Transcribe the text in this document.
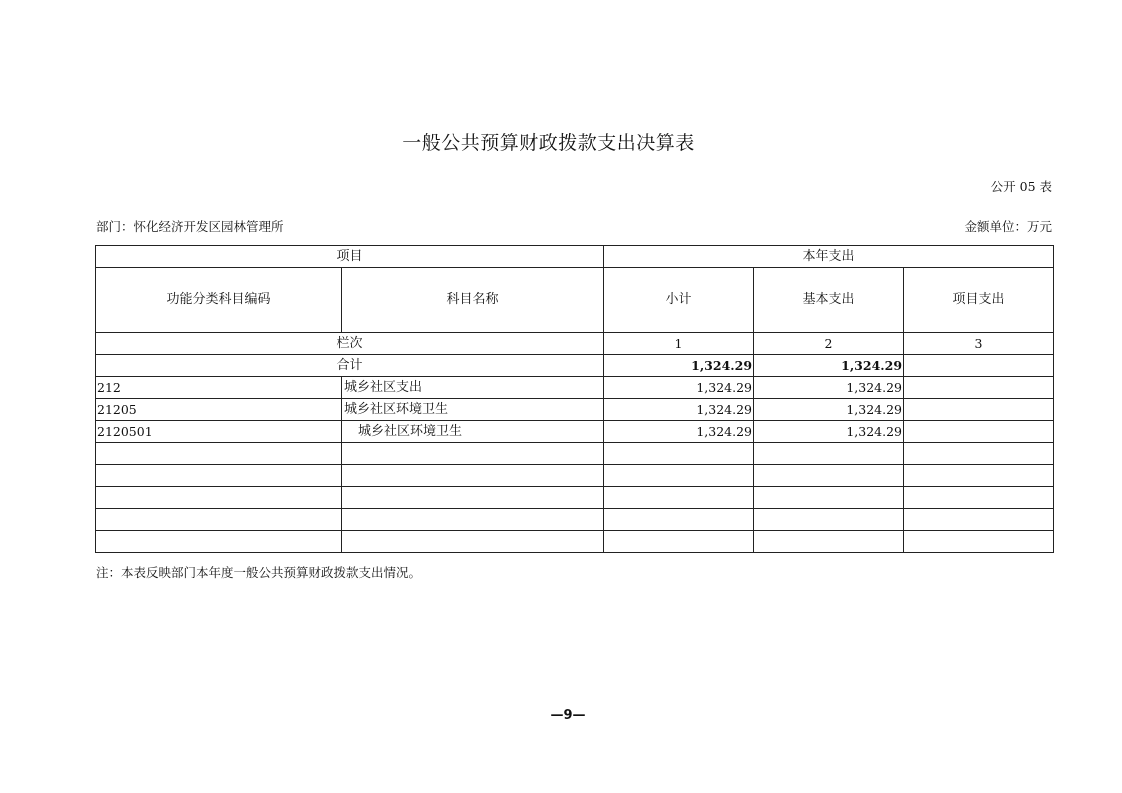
一般公共预算财政拨款支出决算表
公开 05 表
部门：怀化经济开发区园林管理所	金额单位：万元
项目		本年支出		
功能分类科目编码	科目名称	小计	基本支出	项目支出
栏次		1	2	3
合计		1,324.29	1,324.29	
212	城乡社区支出	1,324.29	1,324.29	
21205	城乡社区环境卫生	1,324.29	1,324.29	
2120501	城乡社区环境卫生	1,324.29	1,324.29	

注：本表反映部门本年度一般公共预算财政拨款支出情况。
—9—
